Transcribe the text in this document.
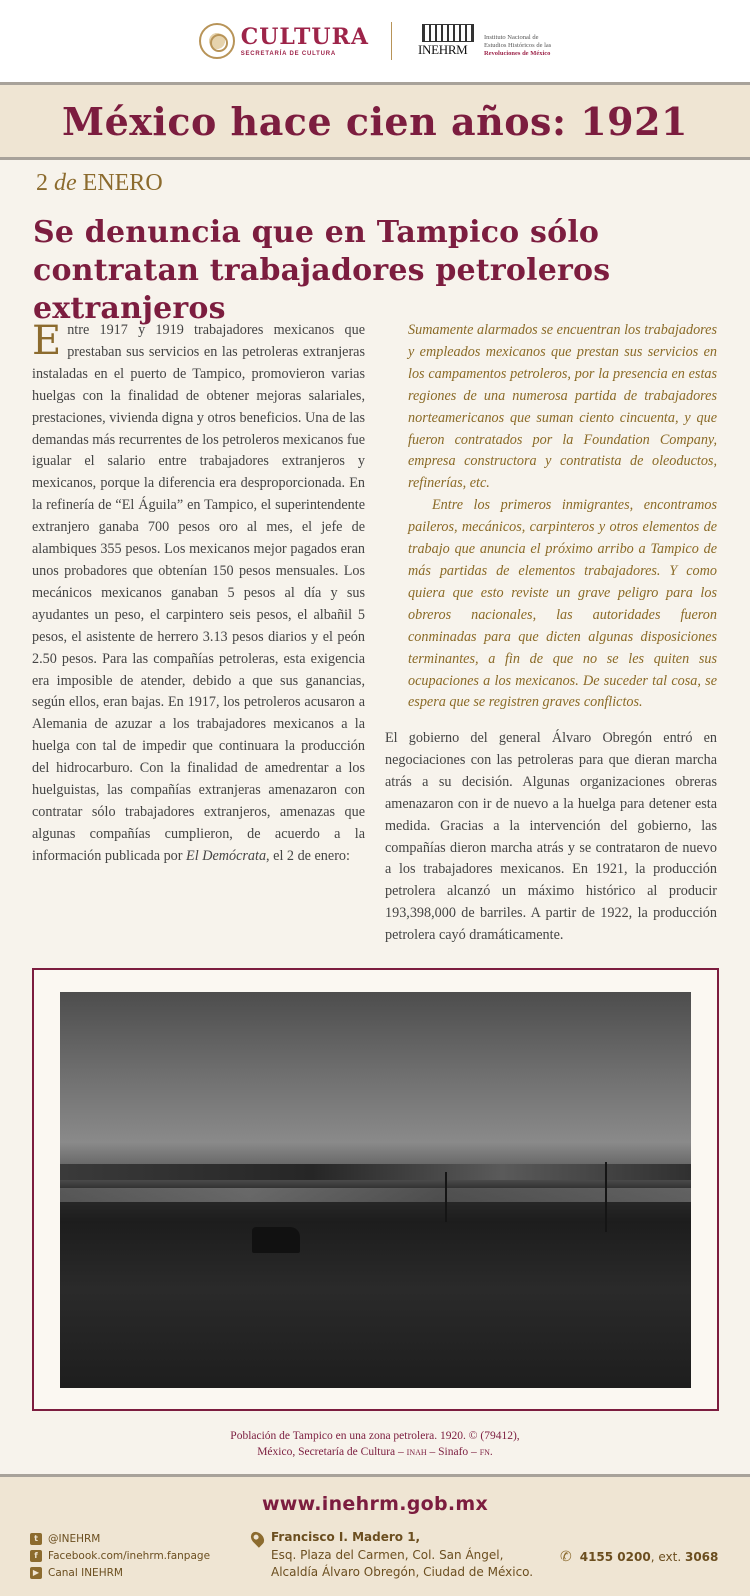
CULTURA
SECRETARÍA DE CULTURA	INEHRM
Instituto Nacional de
Estudios Históricos de las
Revoluciones de México
México hace cien años: 1921
2 de ENERO
Se denuncia que en Tampico sólo contratan trabajadores petroleros extranjeros
Entre 1917 y 1919 trabajadores mexicanos que prestaban sus servicios en las petroleras extranjeras instaladas en el puerto de Tampico, promovieron varias huelgas con la finalidad de obtener mejoras salariales, prestaciones, vivienda digna y otros beneficios. Una de las demandas más recurrentes de los petroleros mexicanos fue igualar el salario entre trabajadores extranjeros y mexicanos, porque la diferencia era desproporcionada. En la refinería de “El Águila” en Tampico, el superintendente extranjero ganaba 700 pesos oro al mes, el jefe de alambiques 355 pesos. Los mexicanos mejor pagados eran unos probadores que obtenían 150 pesos mensuales. Los mecánicos mexicanos ganaban 5 pesos al día y sus ayudantes un peso, el carpintero seis pesos, el albañil 5 pesos, el asistente de herrero 3.13 pesos diarios y el peón 2.50 pesos. Para las compañías petroleras, esta exigencia era imposible de atender, debido a que sus ganancias, según ellos, eran bajas. En 1917, los petroleros acusaron a Alemania de azuzar a los trabajadores mexicanos a la huelga con tal de impedir que continuara la producción del hidrocarburo. Con la finalidad de amedrentar a los huelguistas, las compañías extranjeras amenazaron con contratar sólo trabajadores extranjeros, amenazas que algunas compañías cumplieron, de acuerdo a la información publicada por El Demócrata, el 2 de enero:

Sumamente alarmados se encuentran los trabajadores y empleados mexicanos que prestan sus servicios en los campamentos petroleros, por la presencia en estas regiones de una numerosa partida de trabajadores norteamericanos que suman ciento cincuenta, y que fueron contratados por la Foundation Company, empresa constructora y contratista de oleoductos, refinerías, etc.

Entre los primeros inmigrantes, encontramos paileros, mecánicos, carpinteros y otros elementos de trabajo que anuncia el próximo arribo a Tampico de más partidas de elementos trabajadores. Y como quiera que esto reviste un grave peligro para los obreros nacionales, las autoridades fueron conminadas para que dicten algunas disposiciones terminantes, a fin de que no se les quiten sus ocupaciones a los mexicanos. De suceder tal cosa, se espera que se registren graves conflictos.

El gobierno del general Álvaro Obregón entró en negociaciones con las petroleras para que dieran marcha atrás a su decisión. Algunas organizaciones obreras amenazaron con ir de nuevo a la huelga para detener esta medida. Gracias a la intervención del gobierno, las compañías dieron marcha atrás y se contrataron de nuevo a los trabajadores mexicanos. En 1921, la producción petrolera alcanzó un máximo histórico al producir 193,398,000 de barriles. A partir de 1922, la producción petrolera cayó dramáticamente.

Población de Tampico en una zona petrolera. 1920. © (79412),
México, Secretaría de Cultura – inah – Sinafo – fn.
www.inehrm.gob.mx
t @INEHRM
f Facebook.com/inehrm.fanpage
▶ Canal INEHRM
Francisco I. Madero 1,
Esq. Plaza del Carmen, Col. San Ángel,
Alcaldía Álvaro Obregón, Ciudad de México.
✆ 4155 0200 , ext.
3068
